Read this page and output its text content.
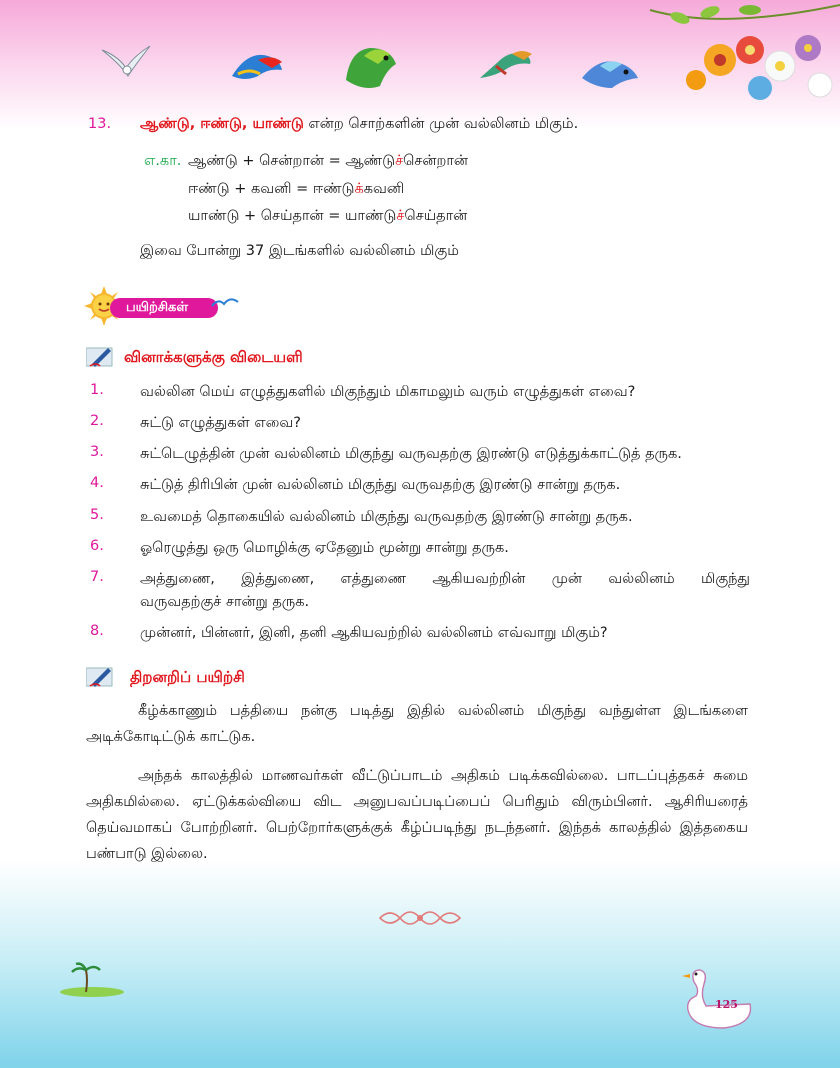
13. ஆண்டு, ஈண்டு, யாண்டு என்ற சொற்களின் முன் வல்லினம் மிகும்.
எ.கா. ஆண்டு + சென்றான் = ஆண்டுச்சென்றான்
ஈண்டு + கவனி = ஈண்டுக்கவனி
யாண்டு + செய்தான் = யாண்டுச்செய்தான்
இவை போன்று 37 இடங்களில் வல்லினம் மிகும்
பயிற்சிகள்
வினாக்களுக்கு விடையளி
1. வல்லின மெய் எழுத்துகளில் மிகுந்தும் மிகாமலும் வரும் எழுத்துகள் எவை?
2. சுட்டு எழுத்துகள் எவை?
3. சுட்டெழுத்தின் முன் வல்லினம் மிகுந்து வருவதற்கு இரண்டு எடுத்துக்காட்டுத் தருக.
4. சுட்டுத் திரிபின் முன் வல்லினம் மிகுந்து வருவதற்கு இரண்டு சான்று தருக.
5. உவமைத் தொகையில் வல்லினம் மிகுந்து வருவதற்கு இரண்டு சான்று தருக.
6. ஓரெழுத்து ஒரு மொழிக்கு ஏதேனும் மூன்று சான்று தருக.
7. அத்துணை, இத்துணை, எத்துணை ஆகியவற்றின் முன் வல்லினம் மிகுந்து
வருவதற்குச் சான்று தருக.
8. முன்னர், பின்னர், இனி, தனி ஆகியவற்றில் வல்லினம் எவ்வாறு மிகும்?
திறனறிப் பயிற்சி
கீழ்க்காணும் பத்தியை நன்கு படித்து இதில் வல்லினம் மிகுந்து வந்துள்ள இடங்களை அடிக்கோடிட்டுக் காட்டுக.
அந்தக் காலத்தில் மாணவர்கள் வீட்டுப்பாடம் அதிகம் படிக்கவில்லை. பாடப்புத்தகச் சுமை அதிகமில்லை. ஏட்டுக்கல்வியை விட அனுபவப்படிப்பைப் பெரிதும் விரும்பினர். ஆசிரியரைத் தெய்வமாகப் போற்றினர். பெற்றோர்களுக்குக் கீழ்ப்படிந்து நடந்தனர். இந்தக் காலத்தில் இத்தகைய பண்பாடு இல்லை.
125
